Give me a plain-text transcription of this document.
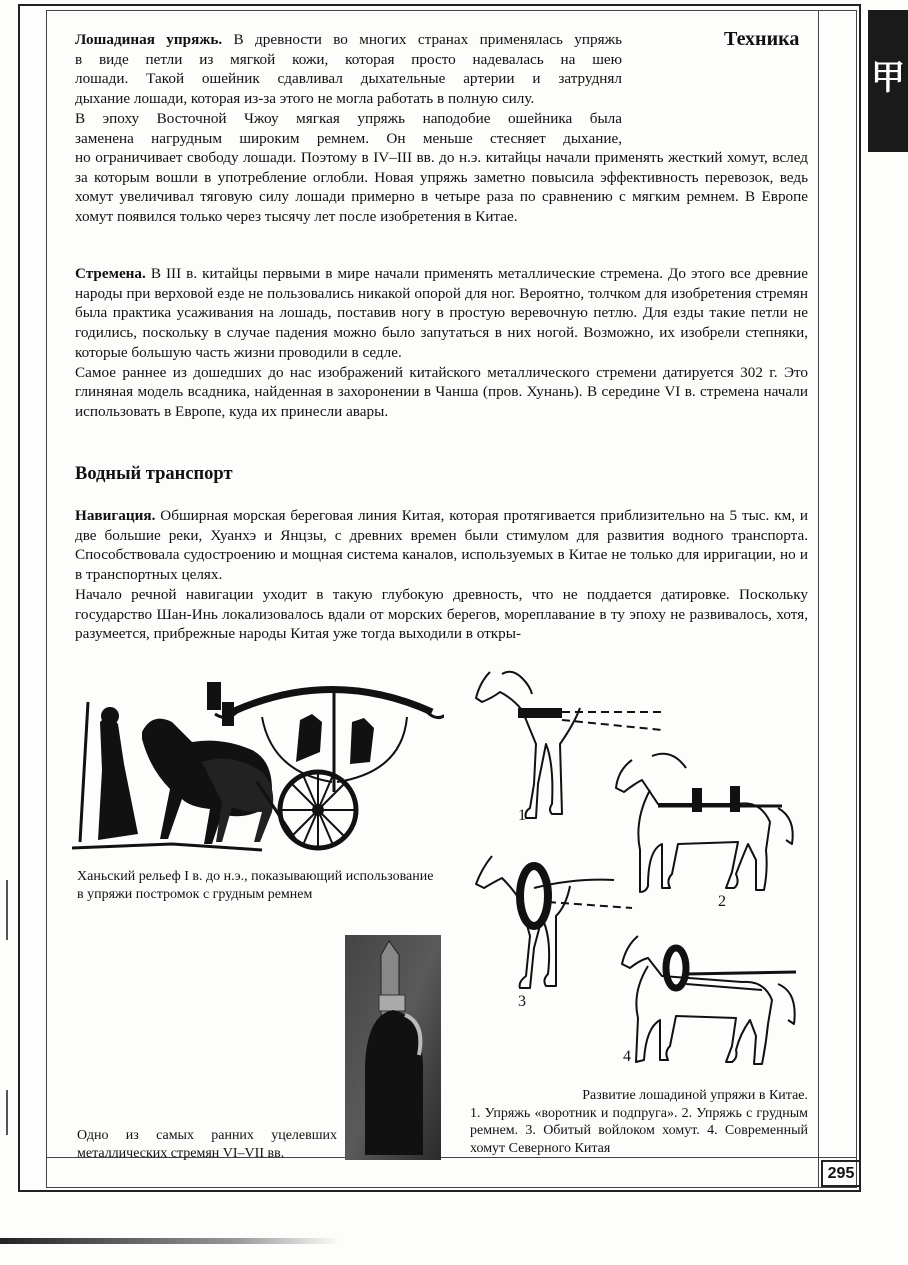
甲
Техника

Лошадиная упряжь. В древности во многих странах применялась упряжь

в виде петли из мягкой кожи, которая просто надевалась на шею

лошади. Такой ошейник сдавливал дыхательные артерии и затруднял

дыхание лошади, которая из-за этого не могла работать в полную силу.

В эпоху Восточной Чжоу мягкая упряжь наподобие ошейника была

заменена нагрудным широким ремнем. Он меньше стесняет дыхание,

но ограничивает свободу лошади. Поэтому в IV–III вв. до н.э. китайцы начали применять жесткий хомут, вслед за которым вошли в употребление оглобли. Новая упряжь заметно повысила эффективность перевозок, ведь хомут увеличивал тяговую силу лошади примерно в четыре раза по сравнению с мягким ремнем. В Европе хомут появился только через тысячу лет после изобретения в Китае.

Стремена. В III в. китайцы первыми в мире начали применять металлические стремена. До этого все древние народы при верховой езде не пользовались никакой опорой для ног. Вероятно, толчком для изобретения стремян была практика усаживания на лошадь, поставив ногу в простую веревочную петлю. Для езды такие петли не годились, поскольку в случае падения можно было запутаться в них ногой. Возможно, их изобрели степняки, которые большую часть жизни проводили в седле.

Самое раннее из дошедших до нас изображений китайского металлического стремени датируется 302 г. Это глиняная модель всадника, найденная в захоронении в Чанша (пров. Хунань). В середине VI в. стремена начали использовать в Европе, куда их принесли авары.

Водный транспорт

Навигация. Обширная морская береговая линия Китая, которая протягивается приблизительно на 5 тыс. км, и две большие реки, Хуанхэ и Янцзы, с древних времен были стимулом для развития водного транспорта. Способствовала судостроению и мощная система каналов, используемых в Китае не только для ирригации, но и в транспортных целях.

Начало речной навигации уходит в такую глубокую древность, что не поддается датировке. Поскольку государство Шан-Инь локализовалось вдали от морских берегов, мореплавание в ту эпоху не развивалось, хотя, разумеется, прибрежные народы Китая уже тогда выходили в откры-

Ханьский рельеф I в. до н.э., показывающий использование в упряжи постромок с грудным ремнем
Одно из самых ранних уцелевших металлических стремян VI–VII вв.
1
2
3
4
Развитие лошадиной упряжи в Китае.
1. Упряжь «воротник и подпруга». 2. Упряжь с грудным ремнем. 3. Обитый войлоком хомут. 4. Современный хомут Северного Китая
295
